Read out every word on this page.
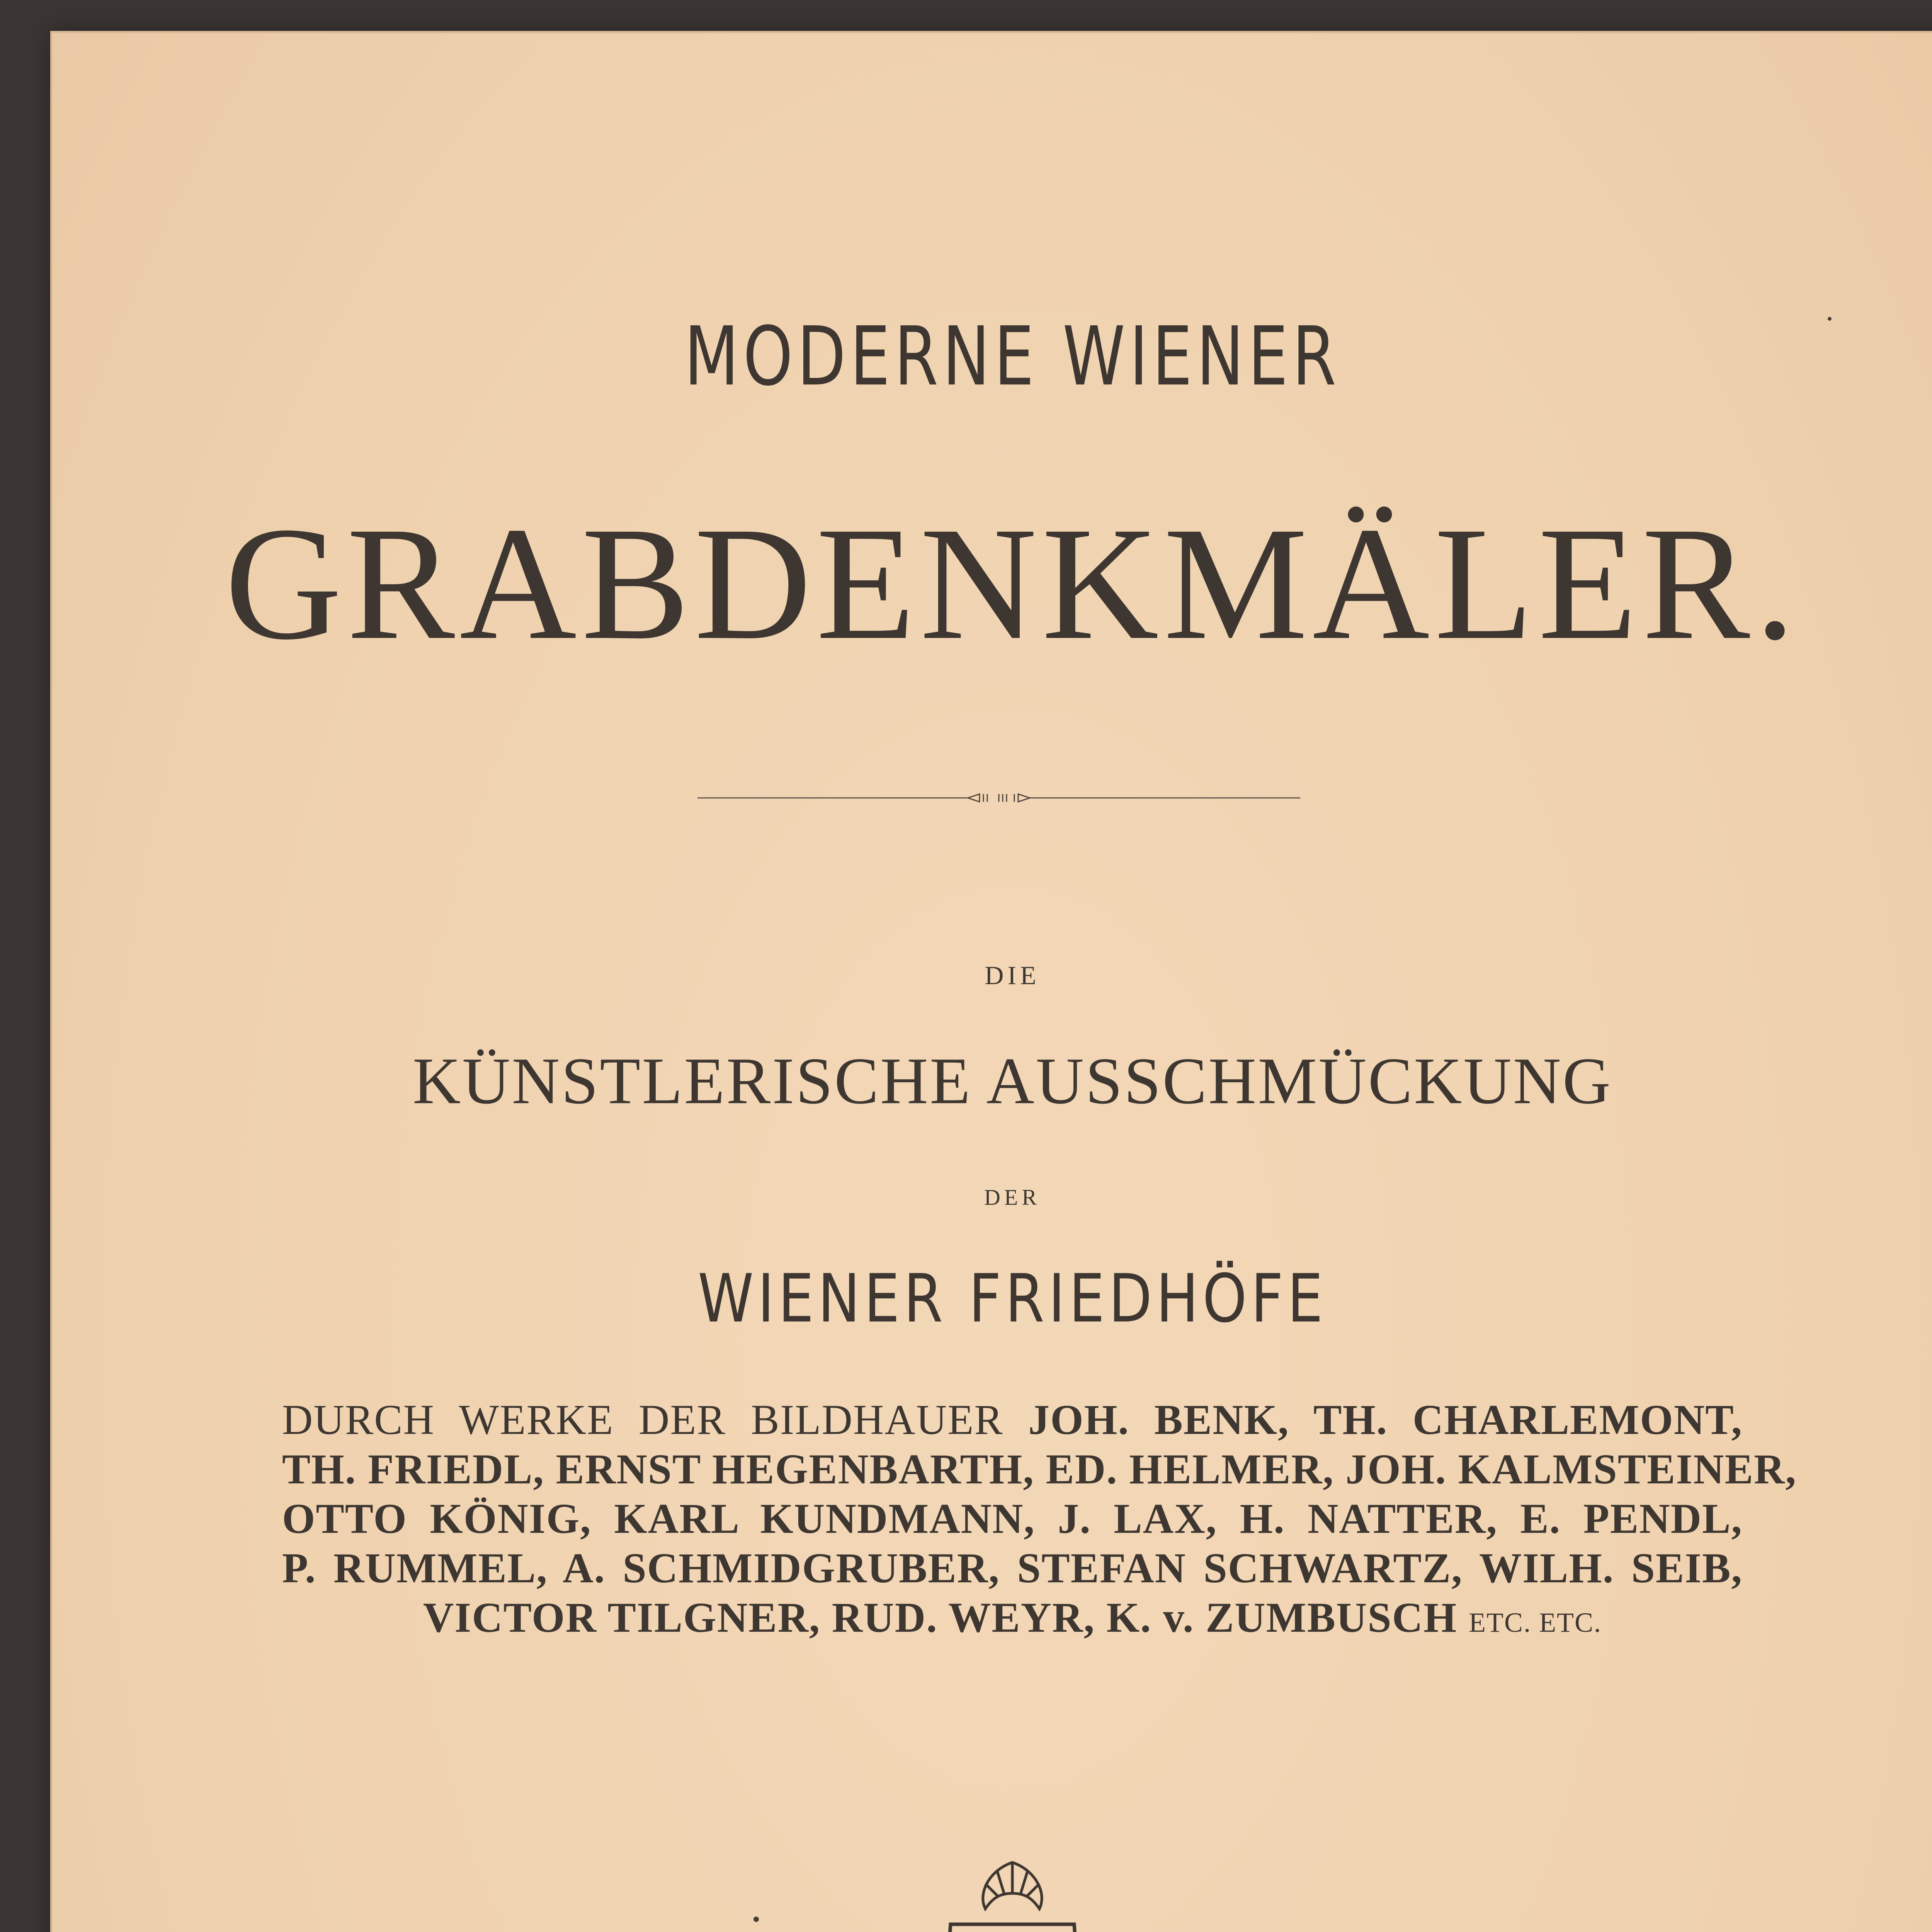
MODERNE WIENER
GRABDENKMÄLER.
DIE
KÜNSTLERISCHE AUSSCHMÜCKUNG
DER
WIENER FRIEDHÖFE
DURCH WERKE DER BILDHAUER JOH. BENK, TH. CHARLEMONT,
TH. FRIEDL, ERNST HEGENBARTH, ED. HELMER, JOH. KALMSTEINER,
OTTO KÖNIG, KARL KUNDMANN, J. LAX, H. NATTER, E. PENDL,
P. RUMMEL, A. SCHMIDGRUBER, STEFAN SCHWARTZ, WILH. SEIB,
VICTOR TILGNER, RUD. WEYR, K. v. ZUMBUSCH ETC. ETC.
